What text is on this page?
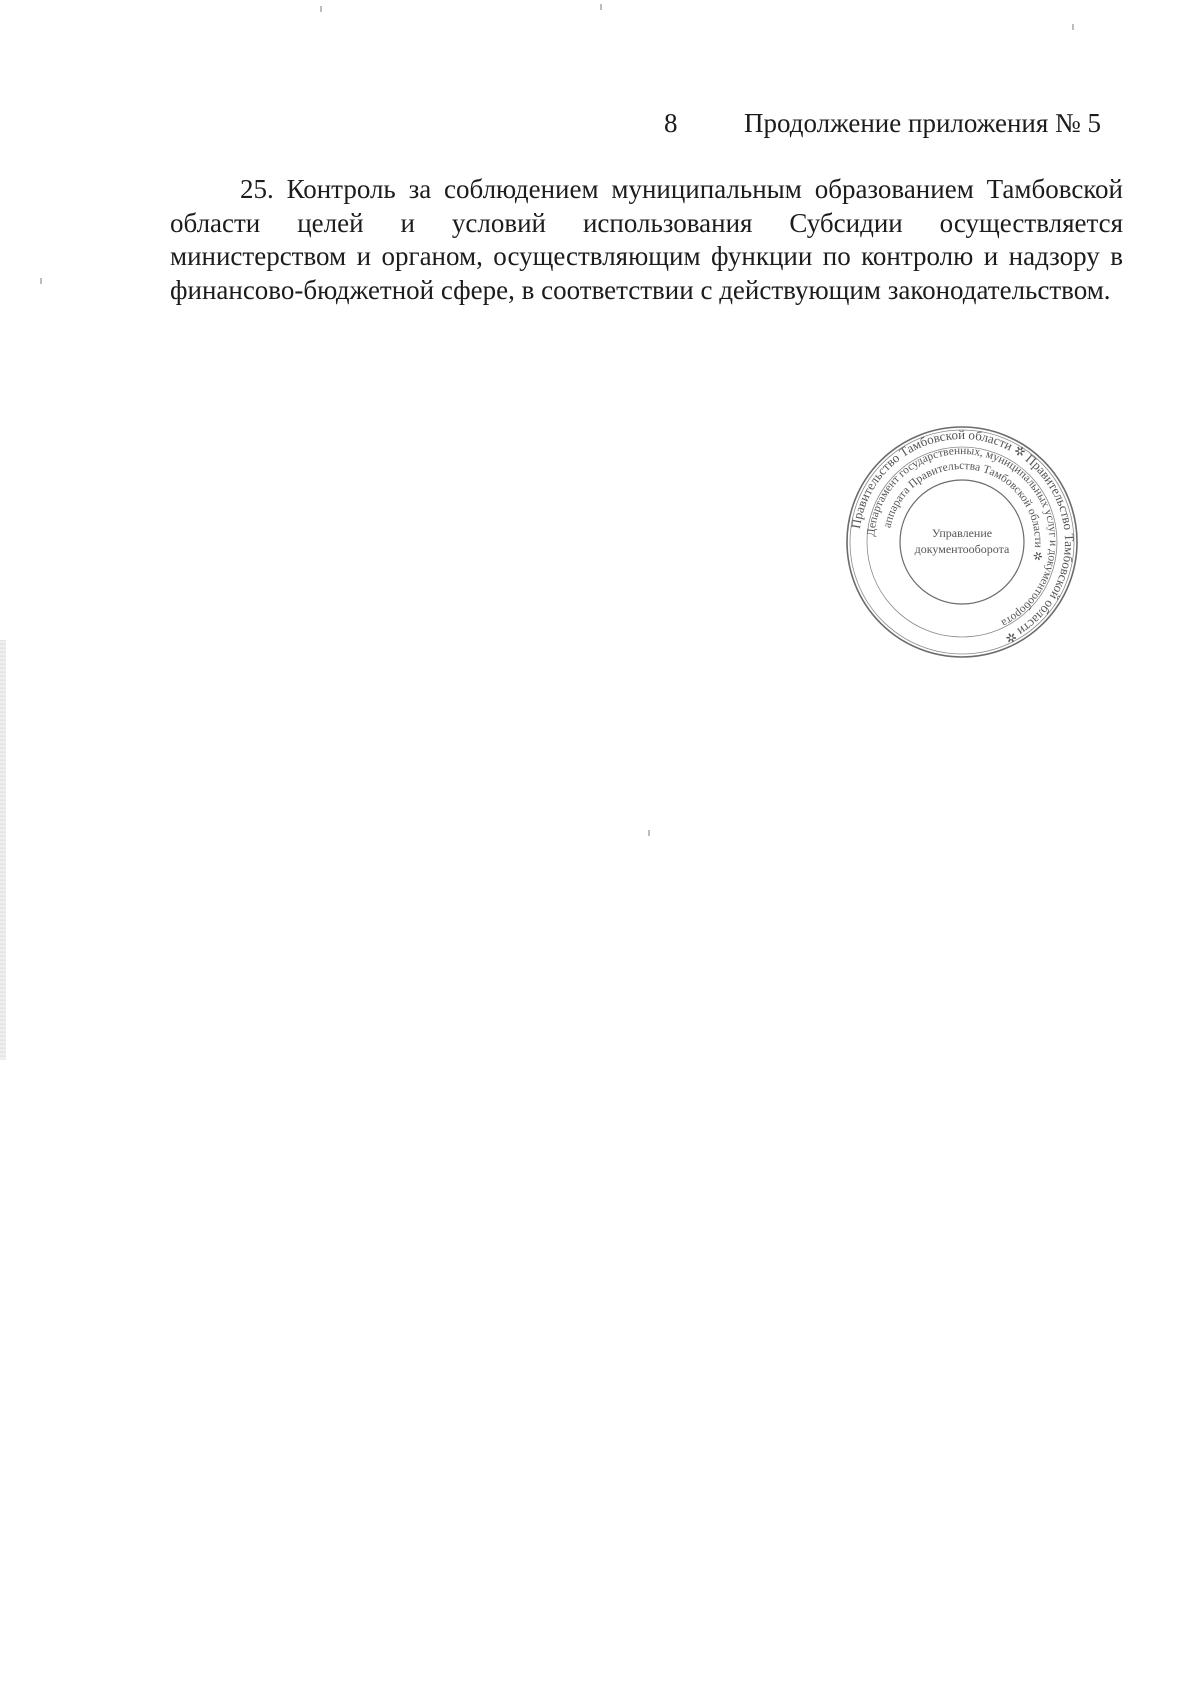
8 Продолжение приложения № 5

25. Контроль за соблюдением муниципальным образованием Тамбовской области целей и условий использования Субсидии осуществляется министерством и органом, осуществляющим функции по контролю и надзору в финансово-бюджетной сфере, в соответствии с действующим законодательством.

Правительство Тамбовской области ✲ Правительство Тамбовской области ✲
Департамент государственных, муниципальных услуг и документооборота
аппарата Правительства Тамбовской области ✲
Управление
документооборота
